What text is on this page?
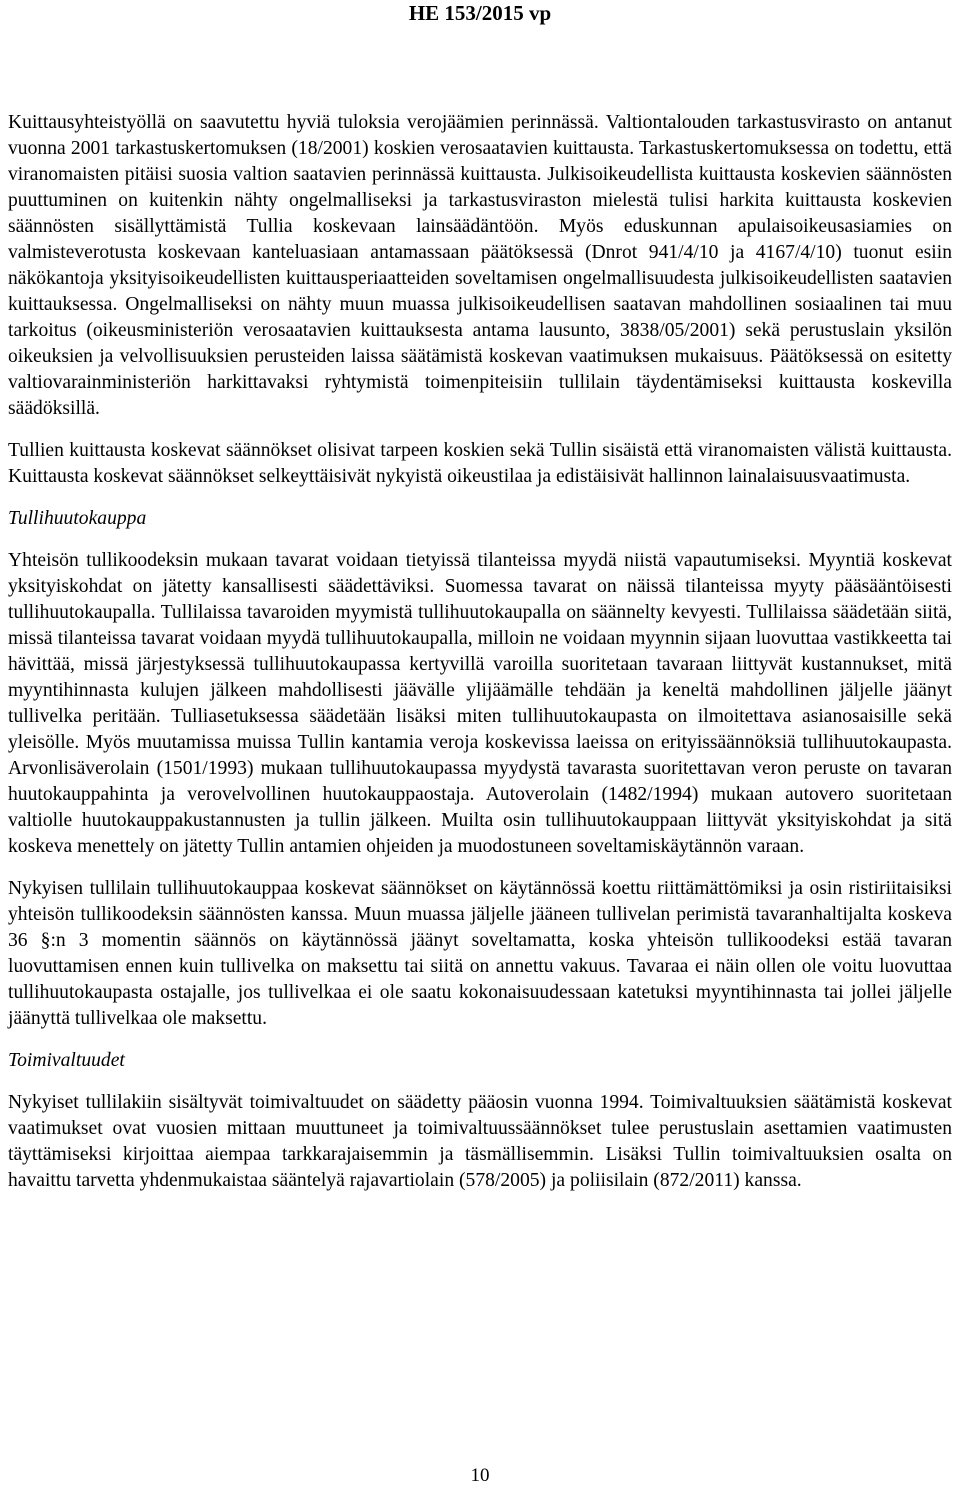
HE 153/2015 vp

Kuittausyhteistyöllä on saavutettu hyviä tuloksia verojäämien perinnässä. Valtiontalouden tarkastusvirasto on antanut vuonna 2001 tarkastuskertomuksen (18/2001) koskien verosaatavien kuittausta. Tarkastuskertomuksessa on todettu, että viranomaisten pitäisi suosia valtion saatavien perinnässä kuittausta. Julkisoikeudellista kuittausta koskevien säännösten puuttuminen on kuitenkin nähty ongelmalliseksi ja tarkastusviraston mielestä tulisi harkita kuittausta koskevien säännösten sisällyttämistä Tullia koskevaan lainsäädäntöön. Myös eduskunnan apulaisoikeusasiamies on valmisteverotusta koskevaan kanteluasiaan antamassaan päätöksessä (Dnrot 941/4/10 ja 4167/4/10) tuonut esiin näkökantoja yksityisoikeudellisten kuittausperiaatteiden soveltamisen ongelmallisuudesta julkisoikeudellisten saatavien kuittauksessa. Ongelmalliseksi on nähty muun muassa julkisoikeudellisen saatavan mahdollinen sosiaalinen tai muu tarkoitus (oikeusministeriön verosaatavien kuittauksesta antama lausunto, 3838/05/2001) sekä perustuslain yksilön oikeuksien ja velvollisuuksien perusteiden laissa säätämistä koskevan vaatimuksen mukaisuus. Päätöksessä on esitetty valtiovarainministeriön harkittavaksi ryhtymistä toimenpiteisiin tullilain täydentämiseksi kuittausta koskevilla säädöksillä.

Tullien kuittausta koskevat säännökset olisivat tarpeen koskien sekä Tullin sisäistä että viranomaisten välistä kuittausta. Kuittausta koskevat säännökset selkeyttäisivät nykyistä oikeustilaa ja edistäisivät hallinnon lainalaisuusvaatimusta.

Tullihuutokauppa

Yhteisön tullikoodeksin mukaan tavarat voidaan tietyissä tilanteissa myydä niistä vapautumiseksi. Myyntiä koskevat yksityiskohdat on jätetty kansallisesti säädettäviksi. Suomessa tavarat on näissä tilanteissa myyty pääsääntöisesti tullihuutokaupalla. Tullilaissa tavaroiden myymistä tullihuutokaupalla on säännelty kevyesti. Tullilaissa säädetään siitä, missä tilanteissa tavarat voidaan myydä tullihuutokaupalla, milloin ne voidaan myynnin sijaan luovuttaa vastikkeetta tai hävittää, missä järjestyksessä tullihuutokaupassa kertyvillä varoilla suoritetaan tavaraan liittyvät kustannukset, mitä myyntihinnasta kulujen jälkeen mahdollisesti jäävälle ylijäämälle tehdään ja keneltä mahdollinen jäljelle jäänyt tullivelka peritään. Tulliasetuksessa säädetään lisäksi miten tullihuutokaupasta on ilmoitettava asianosaisille sekä yleisölle. Myös muutamissa muissa Tullin kantamia veroja koskevissa laeissa on erityissäännöksiä tullihuutokaupasta. Arvonlisäverolain (1501/1993) mukaan tullihuutokaupassa myydystä tavarasta suoritettavan veron peruste on tavaran huutokauppahinta ja verovelvollinen huutokauppaostaja. Autoverolain (1482/1994) mukaan autovero suoritetaan valtiolle huutokauppakustannusten ja tullin jälkeen. Muilta osin tullihuutokauppaan liittyvät yksityiskohdat ja sitä koskeva menettely on jätetty Tullin antamien ohjeiden ja muodostuneen soveltamiskäytännön varaan.

Nykyisen tullilain tullihuutokauppaa koskevat säännökset on käytännössä koettu riittämättömiksi ja osin ristiriitaisiksi yhteisön tullikoodeksin säännösten kanssa. Muun muassa jäljelle jääneen tullivelan perimistä tavaranhaltijalta koskeva 36 §:n 3 momentin säännös on käytännössä jäänyt soveltamatta, koska yhteisön tullikoodeksi estää tavaran luovuttamisen ennen kuin tullivelka on maksettu tai siitä on annettu vakuus. Tavaraa ei näin ollen ole voitu luovuttaa tullihuutokaupasta ostajalle, jos tullivelkaa ei ole saatu kokonaisuudessaan katetuksi myyntihinnasta tai jollei jäljelle jäänyttä tullivelkaa ole maksettu.

Toimivaltuudet

Nykyiset tullilakiin sisältyvät toimivaltuudet on säädetty pääosin vuonna 1994. Toimivaltuuksien säätämistä koskevat vaatimukset ovat vuosien mittaan muuttuneet ja toimivaltuussäännökset tulee perustuslain asettamien vaatimusten täyttämiseksi kirjoittaa aiempaa tarkkarajaisemmin ja täsmällisemmin. Lisäksi Tullin toimivaltuuksien osalta on havaittu tarvetta yhdenmukaistaa sääntelyä rajavartiolain (578/2005) ja poliisilain (872/2011) kanssa.

10
